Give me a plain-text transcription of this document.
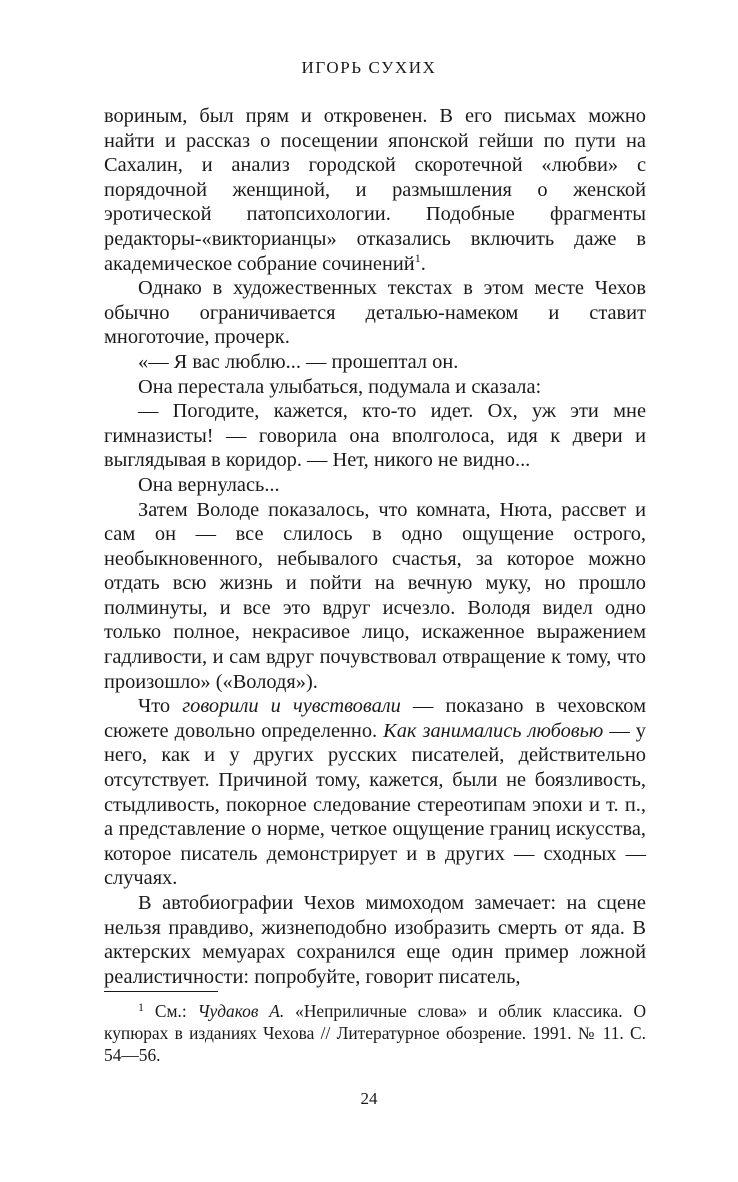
ИГОРЬ СУХИХ

вориным, был прям и откровенен. В его письмах можно найти и рассказ о посещении японской гейши по пути на Сахалин, и анализ городской скоротечной «любви» с порядочной женщиной, и размышления о женской эротической патопсихологии. Подобные фрагменты редакторы-«викторианцы» отказались включить даже в академическое собрание сочинений$^1$.

Однако в художественных текстах в этом месте Чехов обычно ограничивается деталью-намеком и ставит многоточие, прочерк.

«— Я вас люблю... — прошептал он.

Она перестала улыбаться, подумала и сказала:

— Погодите, кажется, кто-то идет. Ох, уж эти мне гимназисты! — говорила она вполголоса, идя к двери и выглядывая в коридор. — Нет, никого не видно...

Она вернулась...

Затем Володе показалось, что комната, Нюта, рассвет и сам он — все слилось в одно ощущение острого, необыкновенного, небывалого счастья, за которое можно отдать всю жизнь и пойти на вечную муку, но прошло полминуты, и все это вдруг исчезло. Володя видел одно только полное, некрасивое лицо, искаженное выражением гадливости, и сам вдруг почувствовал отвращение к тому, что произошло» («Володя»).

Что говорили и чувствовали — показано в чеховском сюжете довольно определенно. Как занимались любовью — у него, как и у других русских писателей, действительно отсутствует. Причиной тому, кажется, были не боязливость, стыдливость, покорное следование стереотипам эпохи и т. п., а представление о норме, четкое ощущение границ искусства, которое писатель демонстрирует и в других — сходных — случаях.

В автобиографии Чехов мимоходом замечает: на сцене нельзя правдиво, жизнеподобно изобразить смерть от яда. В актерских мемуарах сохранился еще один пример ложной реалистичности: попробуйте, говорит писатель,

$^1$ См.: Чудаков А. «Неприличные слова» и облик классика. О купюрах в изданиях Чехова // Литературное обозрение. 1991. № 11. С. 54—56.
24
